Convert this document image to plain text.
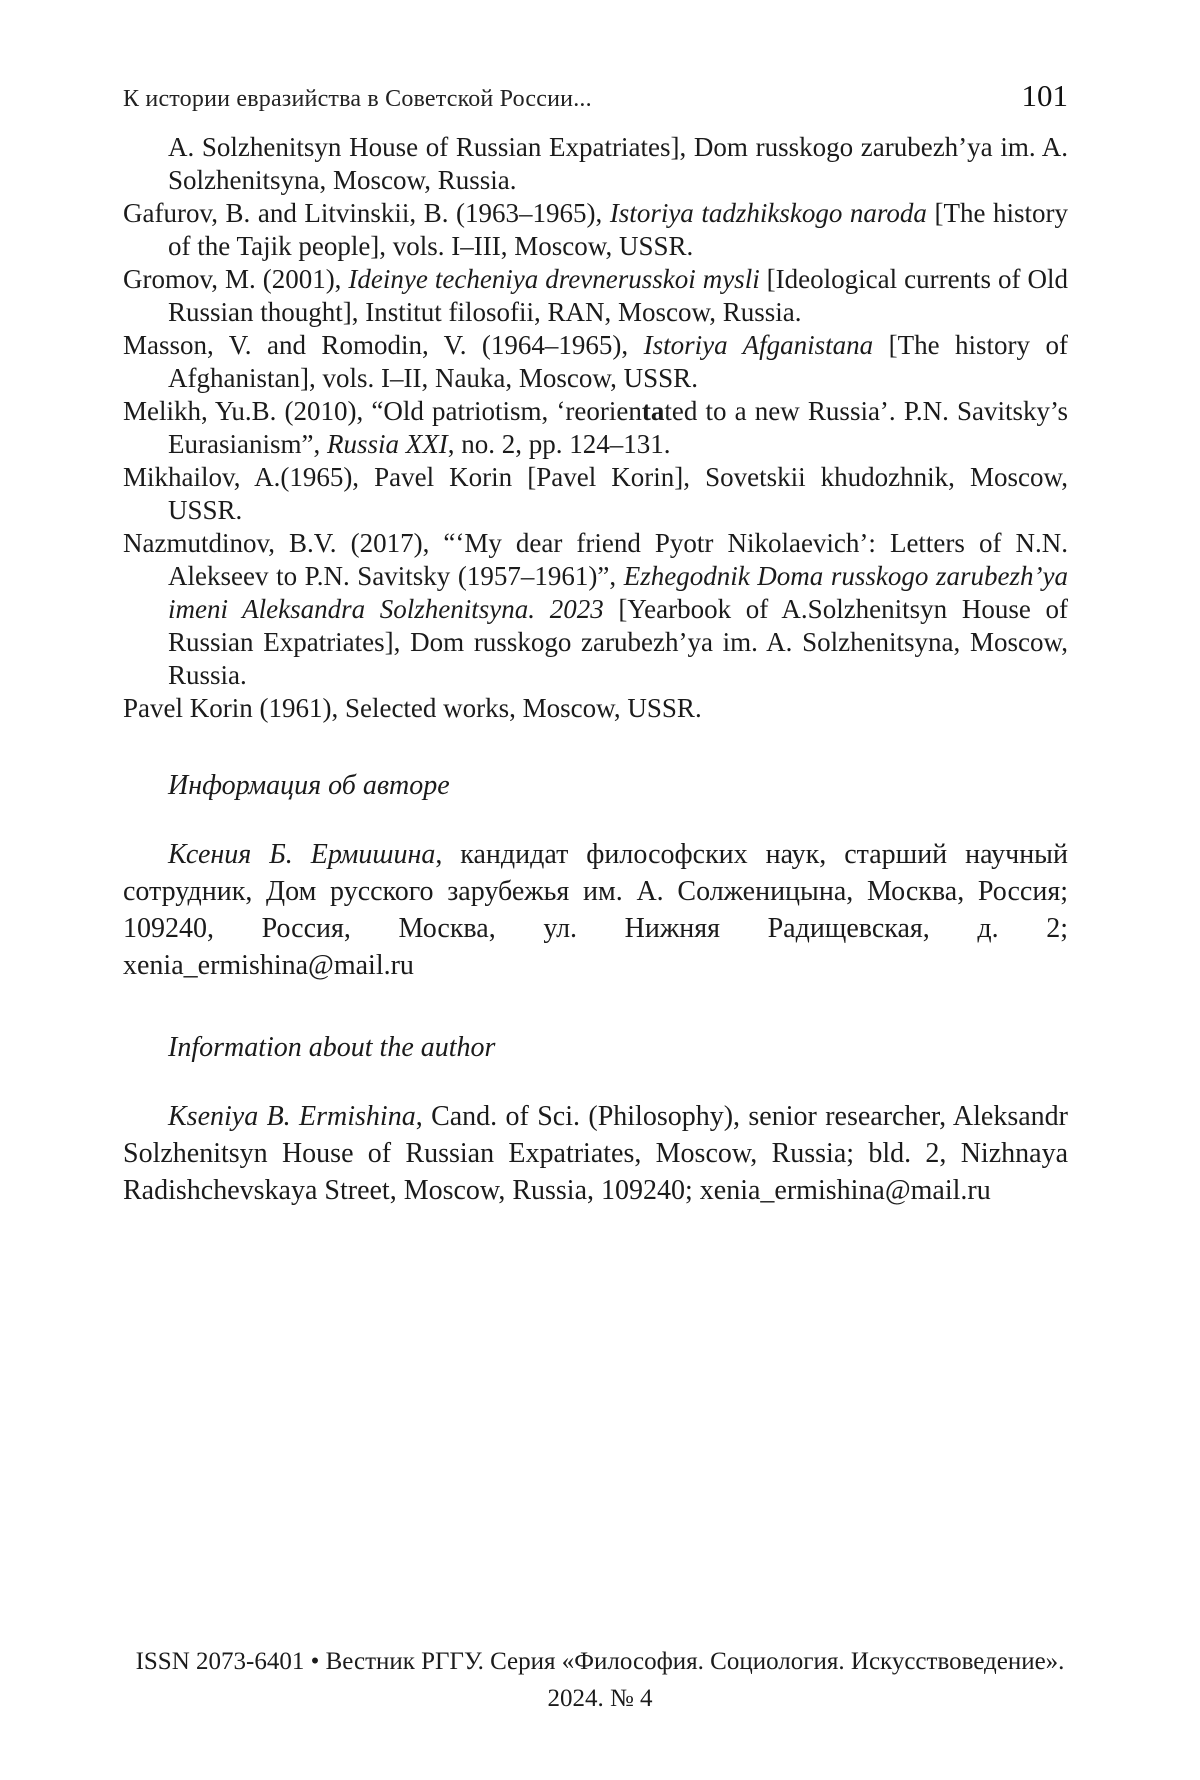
К истории евразийства в Советской России...	101

A. Solzhenitsyn House of Russian Expatriates], Dom russkogo zarubezh’ya im. A. Solzhenitsyna, Moscow, Russia.

Gafurov, B. and Litvinskii, B. (1963–1965), Istoriya tadzhikskogo naroda [The history of the Tajik people], vols. I–III, Moscow, USSR.

Gromov, M. (2001), Ideinye techeniya drevnerusskoi mysli [Ideological currents of Old Russian thought], Institut filosofii, RAN, Moscow, Russia.

Masson, V. and Romodin, V. (1964–1965), Istoriya Afganistana [The history of Afghanistan], vols. I–II, Nauka, Moscow, USSR.

Melikh, Yu.B. (2010), “Old patriotism, ‘reorientated to a new Russia’. P.N. Savitsky’s Eurasianism”, Russia XXI, no. 2, pp. 124–131.

Mikhailov, A.(1965), Pavel Korin [Pavel Korin], Sovetskii khudozhnik, Moscow, USSR.

Nazmutdinov, B.V. (2017), “‘My dear friend Pyotr Nikolaevich’: Letters of N.N. Alekseev to P.N. Savitsky (1957–1961)”, Ezhegodnik Doma russkogo zarubezh’ya imeni Aleksandra Solzhenitsyna. 2023 [Yearbook of A.Solzhenitsyn House of Russian Expatriates], Dom russkogo zarubezh’ya im. A. Solzhenitsyna, Moscow, Russia.

Pavel Korin (1961), Selected works, Moscow, USSR.

Информация об авторе

Ксения Б. Ермишина, кандидат философских наук, старший научный сотрудник, Дом русского зарубежья им. А. Солженицына, Москва, Россия; 109240, Россия, Москва, ул. Нижняя Радищевская, д. 2; xenia_ermishina@mail.ru

Information about the author

Kseniya B. Ermishina, Cand. of Sci. (Philosophy), senior researcher, Aleksandr Solzhenitsyn House of Russian Expatriates, Moscow, Russia; bld. 2, Nizhnaya Radishchevskaya Street, Moscow, Russia, 109240; xenia_ermishina@mail.ru

ISSN 2073-6401 • Вестник РГГУ. Серия «Философия. Социология. Искусствоведение».

2024. № 4
